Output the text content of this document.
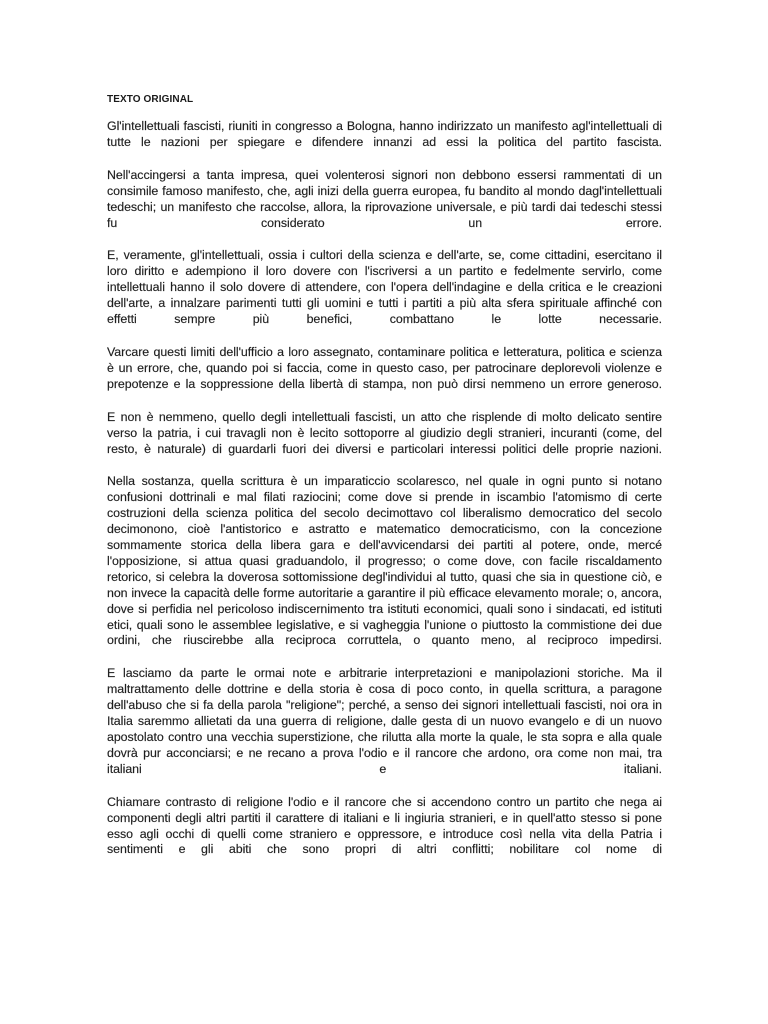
TEXTO ORIGINAL

Gl'intellettuali fascisti, riuniti in congresso a Bologna, hanno indirizzato un manifesto agl'intellettuali di tutte le nazioni per spiegare e difendere innanzi ad essi la politica del partito fascista.

Nell'accingersi a tanta impresa, quei volenterosi signori non debbono essersi rammentati di un consimile famoso manifesto, che, agli inizi della guerra europea, fu bandito al mondo dagl'intellettuali tedeschi; un manifesto che raccolse, allora, la riprovazione universale, e più tardi dai tedeschi stessi fu considerato un errore.

E, veramente, gl'intellettuali, ossia i cultori della scienza e dell'arte, se, come cittadini, esercitano il loro diritto e adempiono il loro dovere con l'iscriversi a un partito e fedelmente servirlo, come intellettuali hanno il solo dovere di attendere, con l'opera dell'indagine e della critica e le creazioni dell'arte, a innalzare parimenti tutti gli uomini e tutti i partiti a più alta sfera spirituale affinché con effetti sempre più benefici, combattano le lotte necessarie.

Varcare questi limiti dell'ufficio a loro assegnato, contaminare politica e letteratura, politica e scienza è un errore, che, quando poi si faccia, come in questo caso, per patrocinare deplorevoli violenze e prepotenze e la soppressione della libertà di stampa, non può dirsi nemmeno un errore generoso.

E non è nemmeno, quello degli intellettuali fascisti, un atto che risplende di molto delicato sentire verso la patria, i cui travagli non è lecito sottoporre al giudizio degli stranieri, incuranti (come, del resto, è naturale) di guardarli fuori dei diversi e particolari interessi politici delle proprie nazioni.

Nella sostanza, quella scrittura è un imparaticcio scolaresco, nel quale in ogni punto si notano confusioni dottrinali e mal filati raziocini; come dove si prende in iscambio l'atomismo di certe costruzioni della scienza politica del secolo decimottavo col liberalismo democratico del secolo decimonono, cioè l'antistorico e astratto e matematico democraticismo, con la concezione sommamente storica della libera gara e dell'avvicendarsi dei partiti al potere, onde, mercé l'opposizione, si attua quasi graduandolo, il progresso; o come dove, con facile riscaldamento retorico, si celebra la doverosa sottomissione degl'individui al tutto, quasi che sia in questione ciò, e non invece la capacità delle forme autoritarie a garantire il più efficace elevamento morale; o, ancora, dove si perfidia nel pericoloso indiscernimento tra istituti economici, quali sono i sindacati, ed istituti etici, quali sono le assemblee legislative, e si vagheggia l'unione o piuttosto la commistione dei due ordini, che riuscirebbe alla reciproca corruttela, o quanto meno, al reciproco impedirsi.

E lasciamo da parte le ormai note e arbitrarie interpretazioni e manipolazioni storiche. Ma il maltrattamento delle dottrine e della storia è cosa di poco conto, in quella scrittura, a paragone dell'abuso che si fa della parola "religione"; perché, a senso dei signori intellettuali fascisti, noi ora in Italia saremmo allietati da una guerra di religione, dalle gesta di un nuovo evangelo e di un nuovo apostolato contro una vecchia superstizione, che rilutta alla morte la quale, le sta sopra e alla quale dovrà pur acconciarsi; e ne recano a prova l'odio e il rancore che ardono, ora come non mai, tra italiani e italiani.

Chiamare contrasto di religione l'odio e il rancore che si accendono contro un partito che nega ai componenti degli altri partiti il carattere di italiani e li ingiuria stranieri, e in quell'atto stesso si pone esso agli occhi di quelli come straniero e oppressore, e introduce così nella vita della Patria i sentimenti e gli abiti che sono propri di altri conflitti; nobilitare col nome di
